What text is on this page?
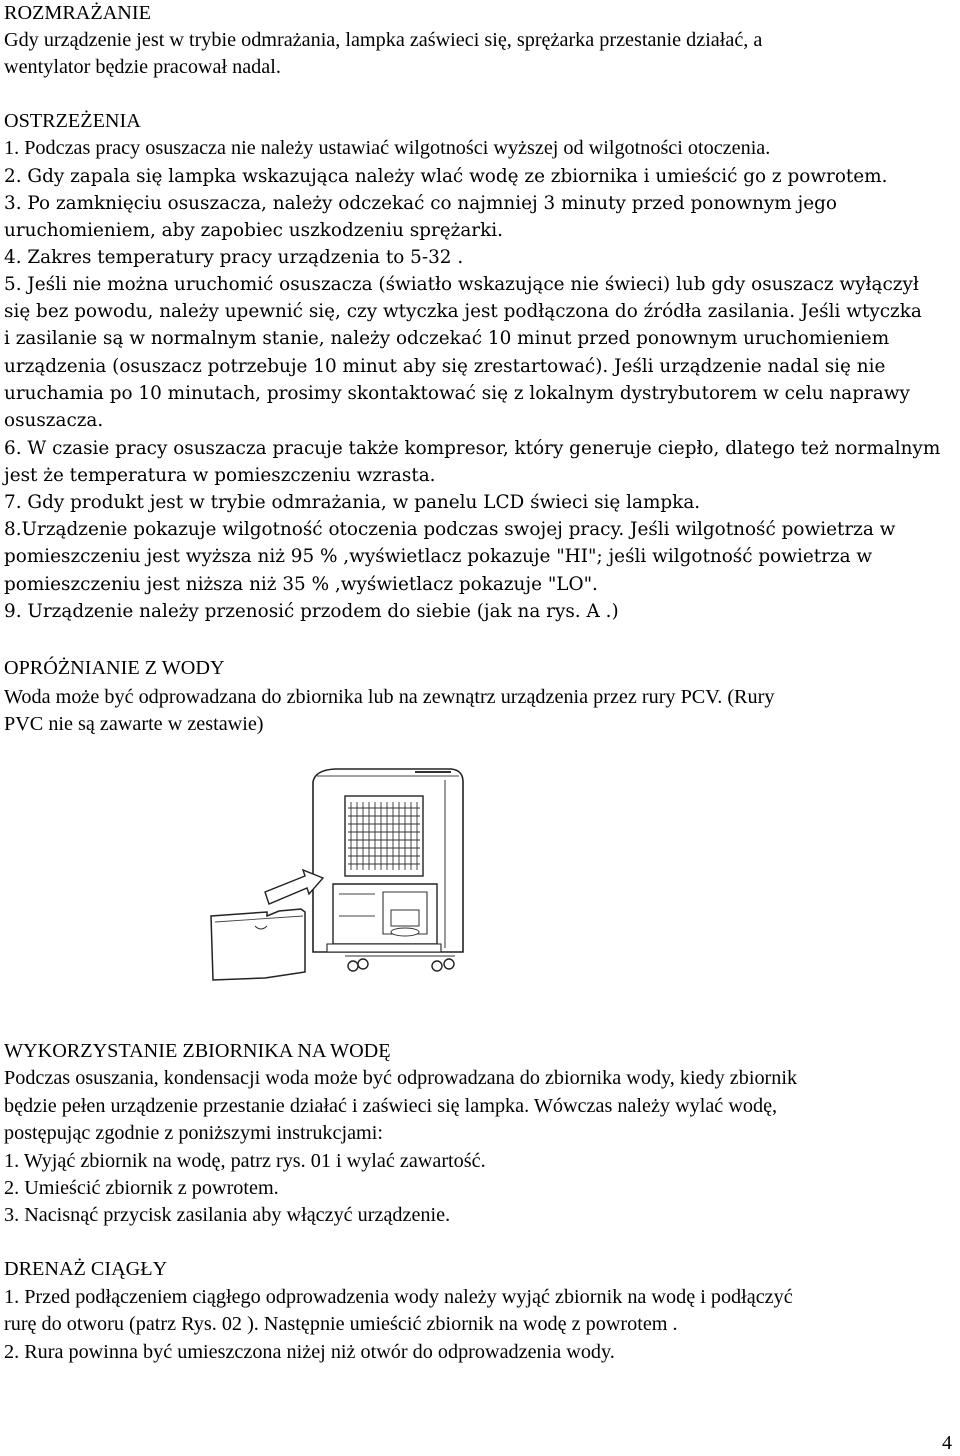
ROZMRAŻANIE
Gdy urządzenie jest w trybie odmrażania, lampka zaświeci się, sprężarka przestanie działać, a
wentylator będzie pracował nadal.
OSTRZEŻENIA
1. Podczas pracy osuszacza nie należy ustawiać wilgotności wyższej od wilgotności otoczenia.
2. Gdy zapala się lampka wskazująca należy wlać wodę ze zbiornika i umieścić go z powrotem.
3. Po zamknięciu osuszacza, należy odczekać co najmniej 3 minuty przed ponownym jego
uruchomieniem, aby zapobiec uszkodzeniu sprężarki.
4. Zakres temperatury pracy urządzenia to 5-32 .
5. Jeśli nie można uruchomić osuszacza (światło wskazujące nie świeci) lub gdy osuszacz wyłączył
się bez powodu, należy upewnić się, czy wtyczka jest podłączona do źródła zasilania. Jeśli wtyczka
i zasilanie są w normalnym stanie, należy odczekać 10 minut przed ponownym uruchomieniem
urządzenia (osuszacz potrzebuje 10 minut aby się zrestartować). Jeśli urządzenie nadal się nie
uruchamia po 10 minutach, prosimy skontaktować się z lokalnym dystrybutorem w celu naprawy
osuszacza.
6. W czasie pracy osuszacza pracuje także kompresor, który generuje ciepło, dlatego też normalnym
jest że temperatura w pomieszczeniu wzrasta.
7. Gdy produkt jest w trybie odmrażania, w panelu LCD świeci się lampka.
8.Urządzenie pokazuje wilgotność otoczenia podczas swojej pracy. Jeśli wilgotność powietrza w
pomieszczeniu jest wyższa niż 95 % ,wyświetlacz pokazuje "HI"; jeśli wilgotność powietrza w
pomieszczeniu jest niższa niż 35 % ,wyświetlacz pokazuje "LO".
9. Urządzenie należy przenosić przodem do siebie (jak na rys. A .)
OPRÓŻNIANIE Z WODY
Woda może być odprowadzana do zbiornika lub na zewnątrz urządzenia przez rury PCV. (Rury
PVC nie są zawarte w zestawie)
WYKORZYSTANIE ZBIORNIKA NA WODĘ
Podczas osuszania, kondensacji woda może być odprowadzana do zbiornika wody, kiedy zbiornik
będzie pełen urządzenie przestanie działać i zaświeci się lampka. Wówczas należy wylać wodę,
postępując zgodnie z poniższymi instrukcjami:
1. Wyjąć zbiornik na wodę, patrz rys. 01 i wylać zawartość.
2. Umieścić zbiornik z powrotem.
3. Nacisnąć przycisk zasilania aby włączyć urządzenie.
DRENAŻ CIĄGŁY
1. Przed podłączeniem ciągłego odprowadzenia wody należy wyjąć zbiornik na wodę i podłączyć
rurę do otworu (patrz Rys. 02 ). Następnie umieścić zbiornik na wodę z powrotem .
2. Rura powinna być umieszczona niżej niż otwór do odprowadzenia wody.
4
